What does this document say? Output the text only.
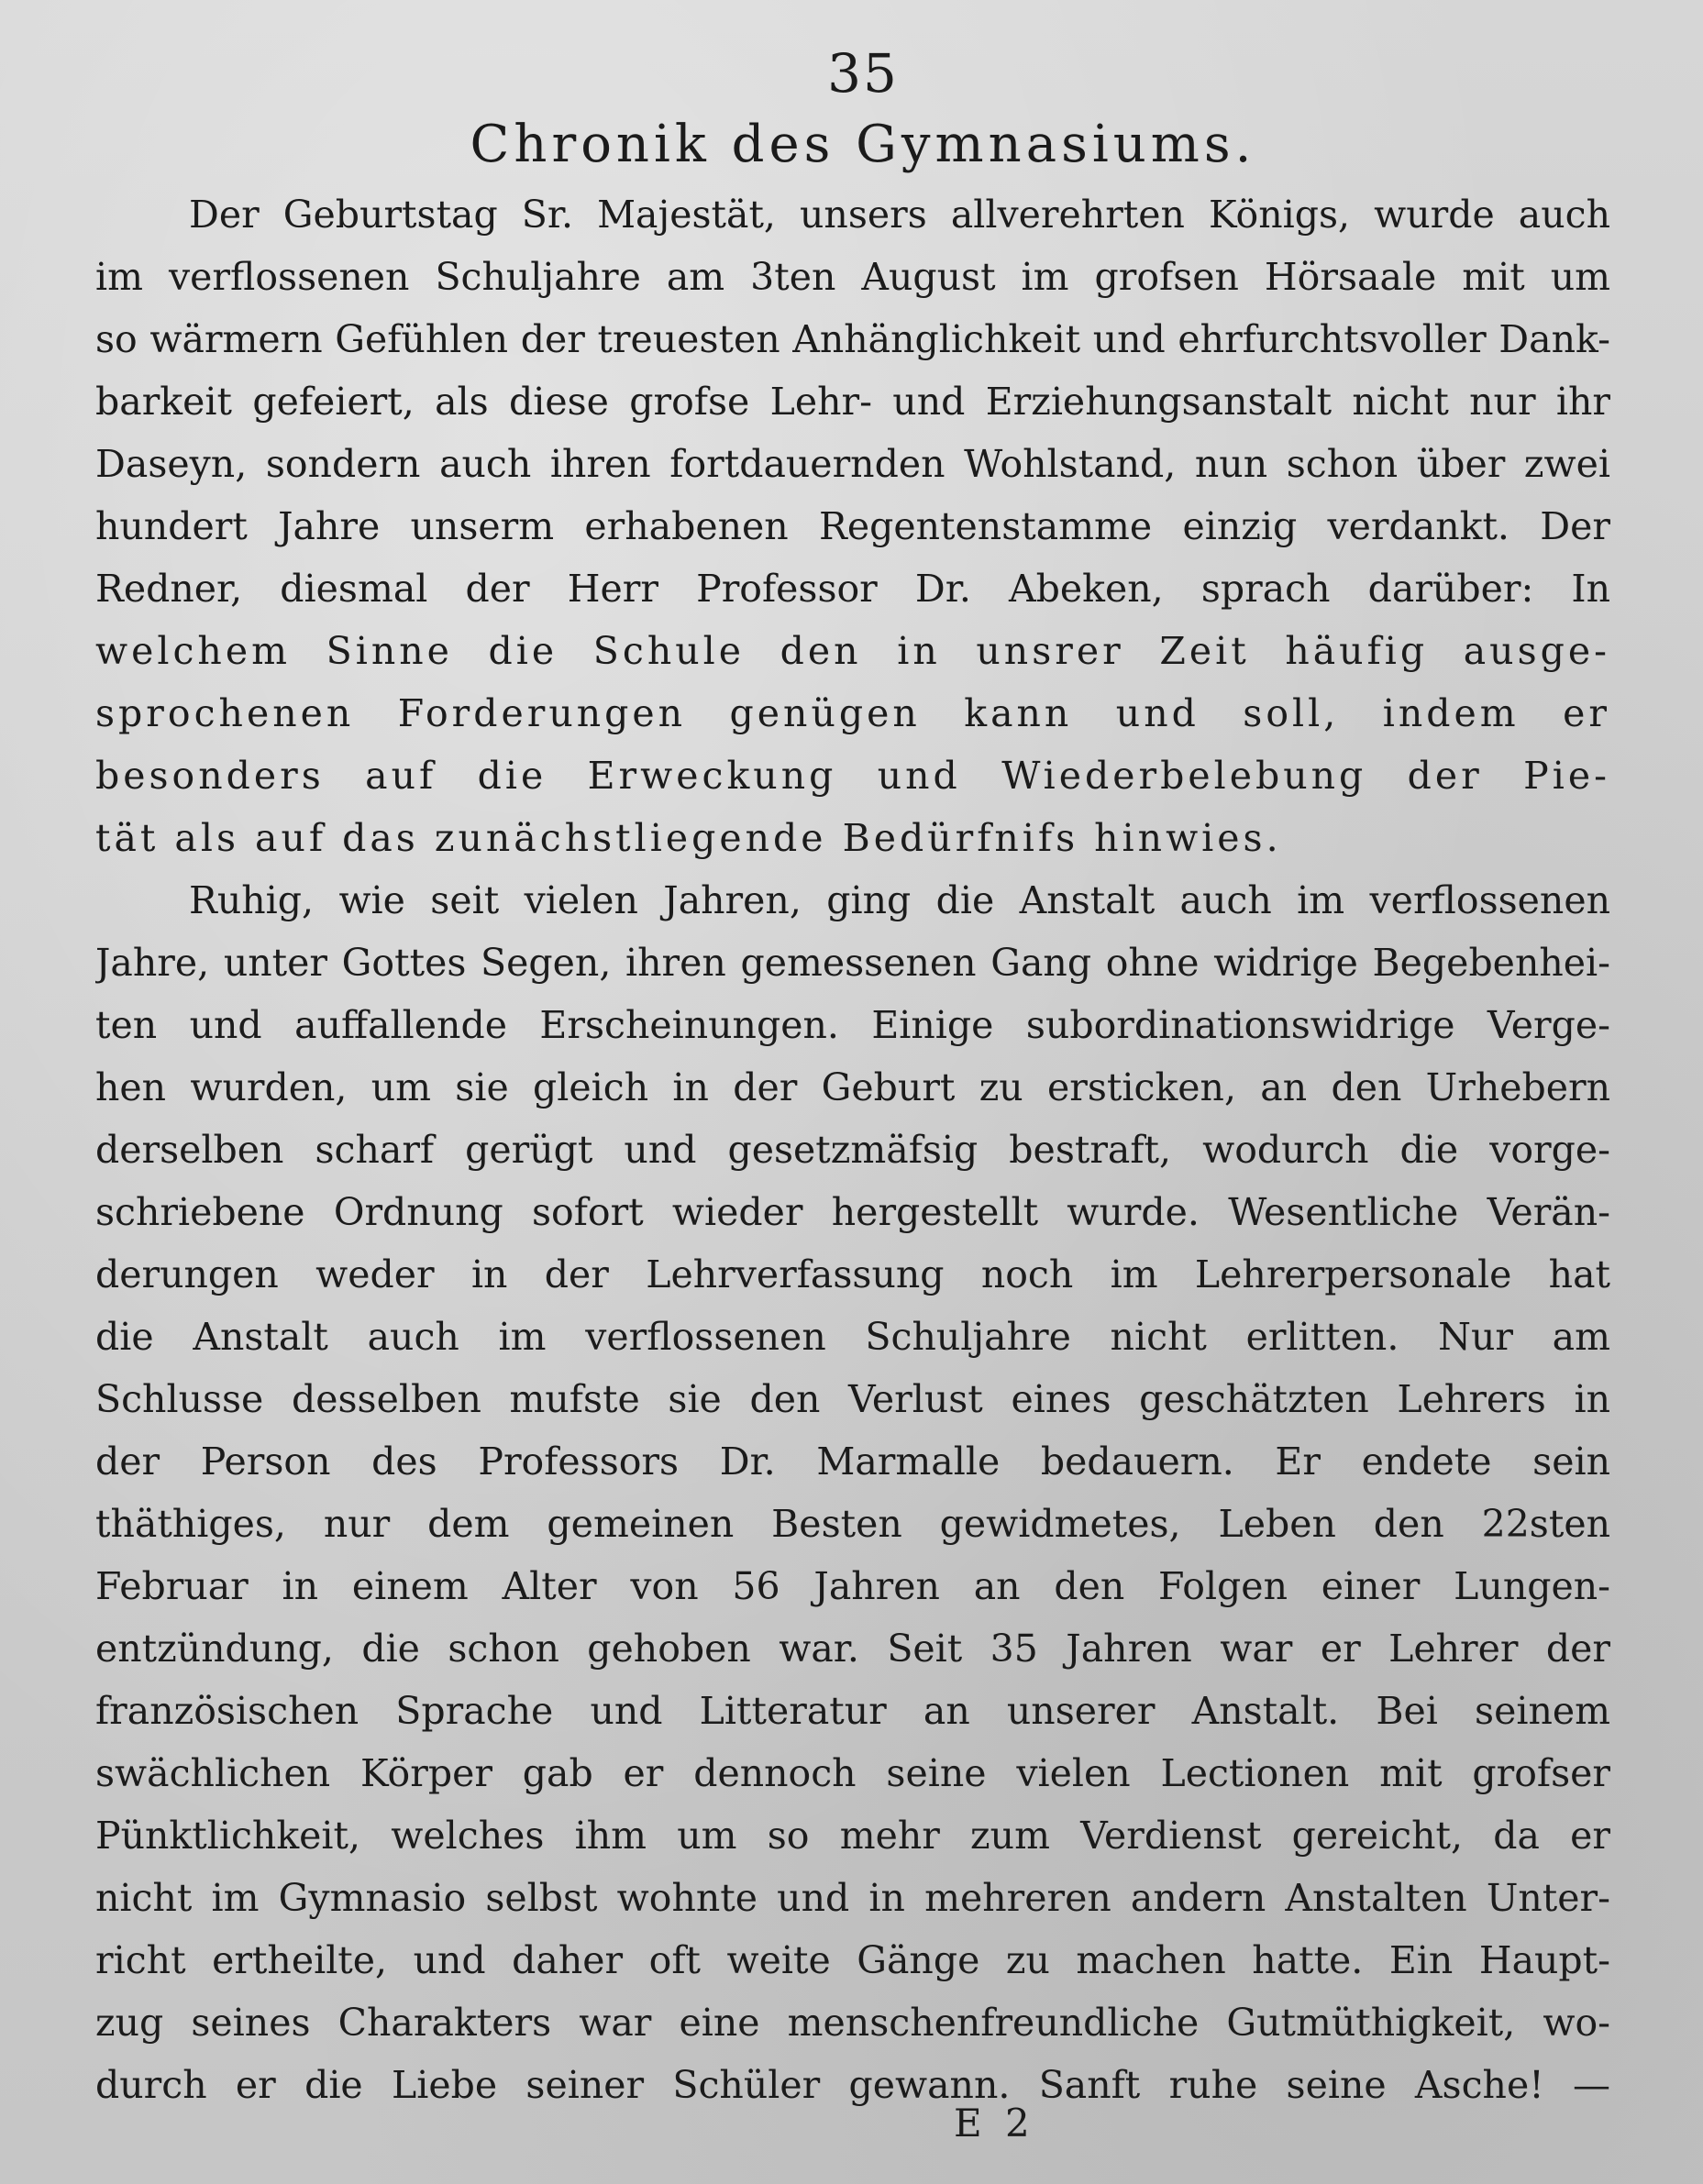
35
Chronik des Gymnasiums.
Der Geburtstag Sr. Majestät, unsers allverehrten Königs, wurde auch
im verflossenen Schuljahre am 3ten August im grofsen Hörsaale mit um
so wärmern Gefühlen der treuesten Anhänglichkeit und ehrfurchtsvoller Dank-
barkeit gefeiert, als diese grofse Lehr- und Erziehungsanstalt nicht nur ihr
Daseyn, sondern auch ihren fortdauernden Wohlstand, nun schon über zwei
hundert Jahre unserm erhabenen Regentenstamme einzig verdankt. Der
Redner, diesmal der Herr Professor Dr. Abeken, sprach darüber: In
welchem Sinne die Schule den in unsrer Zeit häufig ausge-
sprochenen Forderungen genügen kann und soll, indem er
besonders auf die Erweckung und Wiederbelebung der Pie-
tät als auf das zunächstliegende Bedürfnifs hinwies.
Ruhig, wie seit vielen Jahren, ging die Anstalt auch im verflossenen
Jahre, unter Gottes Segen, ihren gemessenen Gang ohne widrige Begebenhei-
ten und auffallende Erscheinungen. Einige subordinationswidrige Verge-
hen wurden, um sie gleich in der Geburt zu ersticken, an den Urhebern
derselben scharf gerügt und gesetzmäfsig bestraft, wodurch die vorge-
schriebene Ordnung sofort wieder hergestellt wurde. Wesentliche Verän-
derungen weder in der Lehrverfassung noch im Lehrerpersonale hat
die Anstalt auch im verflossenen Schuljahre nicht erlitten. Nur am
Schlusse desselben mufste sie den Verlust eines geschätzten Lehrers in
der Person des Professors Dr. Marmalle bedauern. Er endete sein
thäthiges, nur dem gemeinen Besten gewidmetes, Leben den 22sten
Februar in einem Alter von 56 Jahren an den Folgen einer Lungen-
entzündung, die schon gehoben war. Seit 35 Jahren war er Lehrer der
französischen Sprache und Litteratur an unserer Anstalt. Bei seinem
swächlichen Körper gab er dennoch seine vielen Lectionen mit grofser
Pünktlichkeit, welches ihm um so mehr zum Verdienst gereicht, da er
nicht im Gymnasio selbst wohnte und in mehreren andern Anstalten Unter-
richt ertheilte, und daher oft weite Gänge zu machen hatte. Ein Haupt-
zug seines Charakters war eine menschenfreundliche Gutmüthigkeit, wo-
durch er die Liebe seiner Schüler gewann. Sanft ruhe seine Asche! —
E 2
